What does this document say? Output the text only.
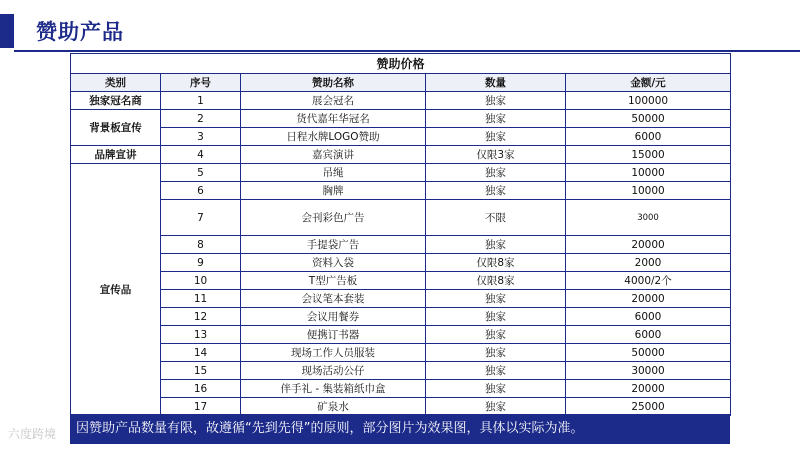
赞助产品
赞助价格				
类别	序号	赞助名称	数量	金额/元
独家冠名商	1	展会冠名	独家	100000
背景板宣传	2	货代嘉年华冠名	独家	50000
	3	日程水牌LOGO赞助	独家	6000
品牌宣讲	4	嘉宾演讲	仅限3家	15000
宣传品	5	吊绳	独家	10000
	6	胸牌	独家	10000
	7	会刊彩色广告	不限	3000
	8	手提袋广告	独家	20000
	9	资料入袋	仅限8家	2000
	10	T型广告板	仅限8家	4000/2个
	11	会议笔本套装	独家	20000
	12	会议用餐券	独家	6000
	13	便携订书器	独家	6000
	14	现场工作人员服装	独家	50000
	15	现场活动公仔	独家	30000
	16	伴手礼 - 集装箱纸巾盒	独家	20000
	17	矿泉水	独家	25000
因赞助产品数量有限，故遵循“先到先得”的原则，部分图片为效果图，具体以实际为准。
六度跨境
